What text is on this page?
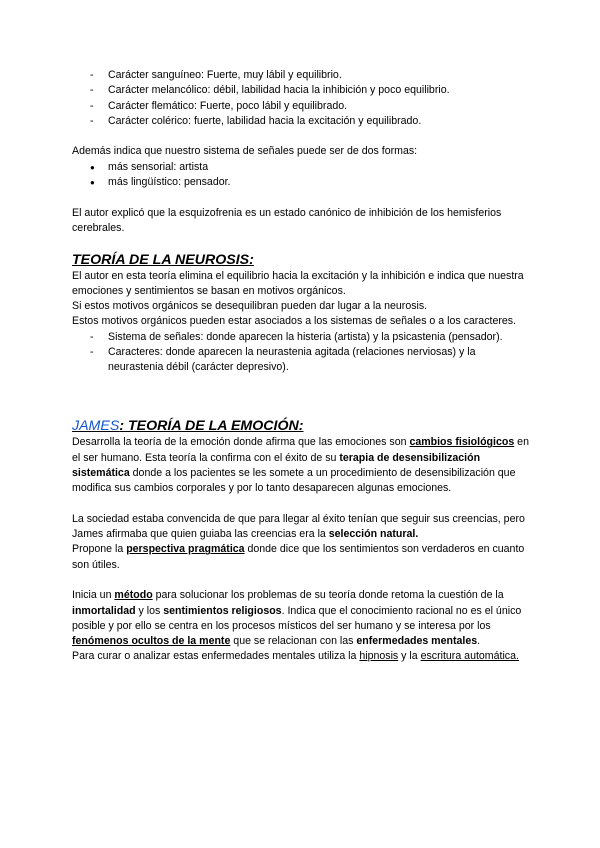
- Carácter sanguíneo: Fuerte, muy lábil y equilibrio.
- Carácter melancólico: débil, labilidad hacia la inhibición y poco equilibrio.
- Carácter flemático: Fuerte, poco lábil y equilibrado.
- Carácter colérico: fuerte, labilidad hacia la excitación y equilibrado.

Además indica que nuestro sistema de señales puede ser de dos formas:

● más sensorial: artista
● más lingüístico: pensador.

El autor explicó que la esquizofrenia es un estado canónico de inhibición de los hemisferios cerebrales.

TEORÍA DE LA NEUROSIS:

El autor en esta teoría elimina el equilibrio hacia la excitación y la inhibición e indica que nuestra emociones y sentimientos se basan en motivos orgánicos.

Si estos motivos orgánicos se desequilibran pueden dar lugar a la neurosis.

Estos motivos orgánicos pueden estar asociados a los sistemas de señales o a los caracteres.

- Sistema de señales: donde aparecen la histeria (artista) y la psicastenia (pensador).
- Caracteres: donde aparecen la neurastenia agitada (relaciones nerviosas) y la neurastenia débil (carácter depresivo).
JAMES: TEORÍA DE LA EMOCIÓN:

Desarrolla la teoría de la emoción donde afirma que las emociones son cambios fisiológicos en el ser humano. Esta teoría la confirma con el éxito de su terapia de desensibilización sistemática donde a los pacientes se les somete a un procedimiento de desensibilización que modifica sus cambios corporales y por lo tanto desaparecen algunas emociones.

La sociedad estaba convencida de que para llegar al éxito tenían que seguir sus creencias, pero James afirmaba que quien guiaba las creencias era la selección natural.

Propone la perspectiva pragmática donde dice que los sentimientos son verdaderos en cuanto son útiles.

Inicia un método para solucionar los problemas de su teoría donde retoma la cuestión de la inmortalidad y los sentimientos religiosos. Indica que el conocimiento racional no es el único posible y por ello se centra en los procesos místicos del ser humano y se interesa por los fenómenos ocultos de la mente que se relacionan con las enfermedades mentales.

Para curar o analizar estas enfermedades mentales utiliza la hipnosis y la escritura automática.
